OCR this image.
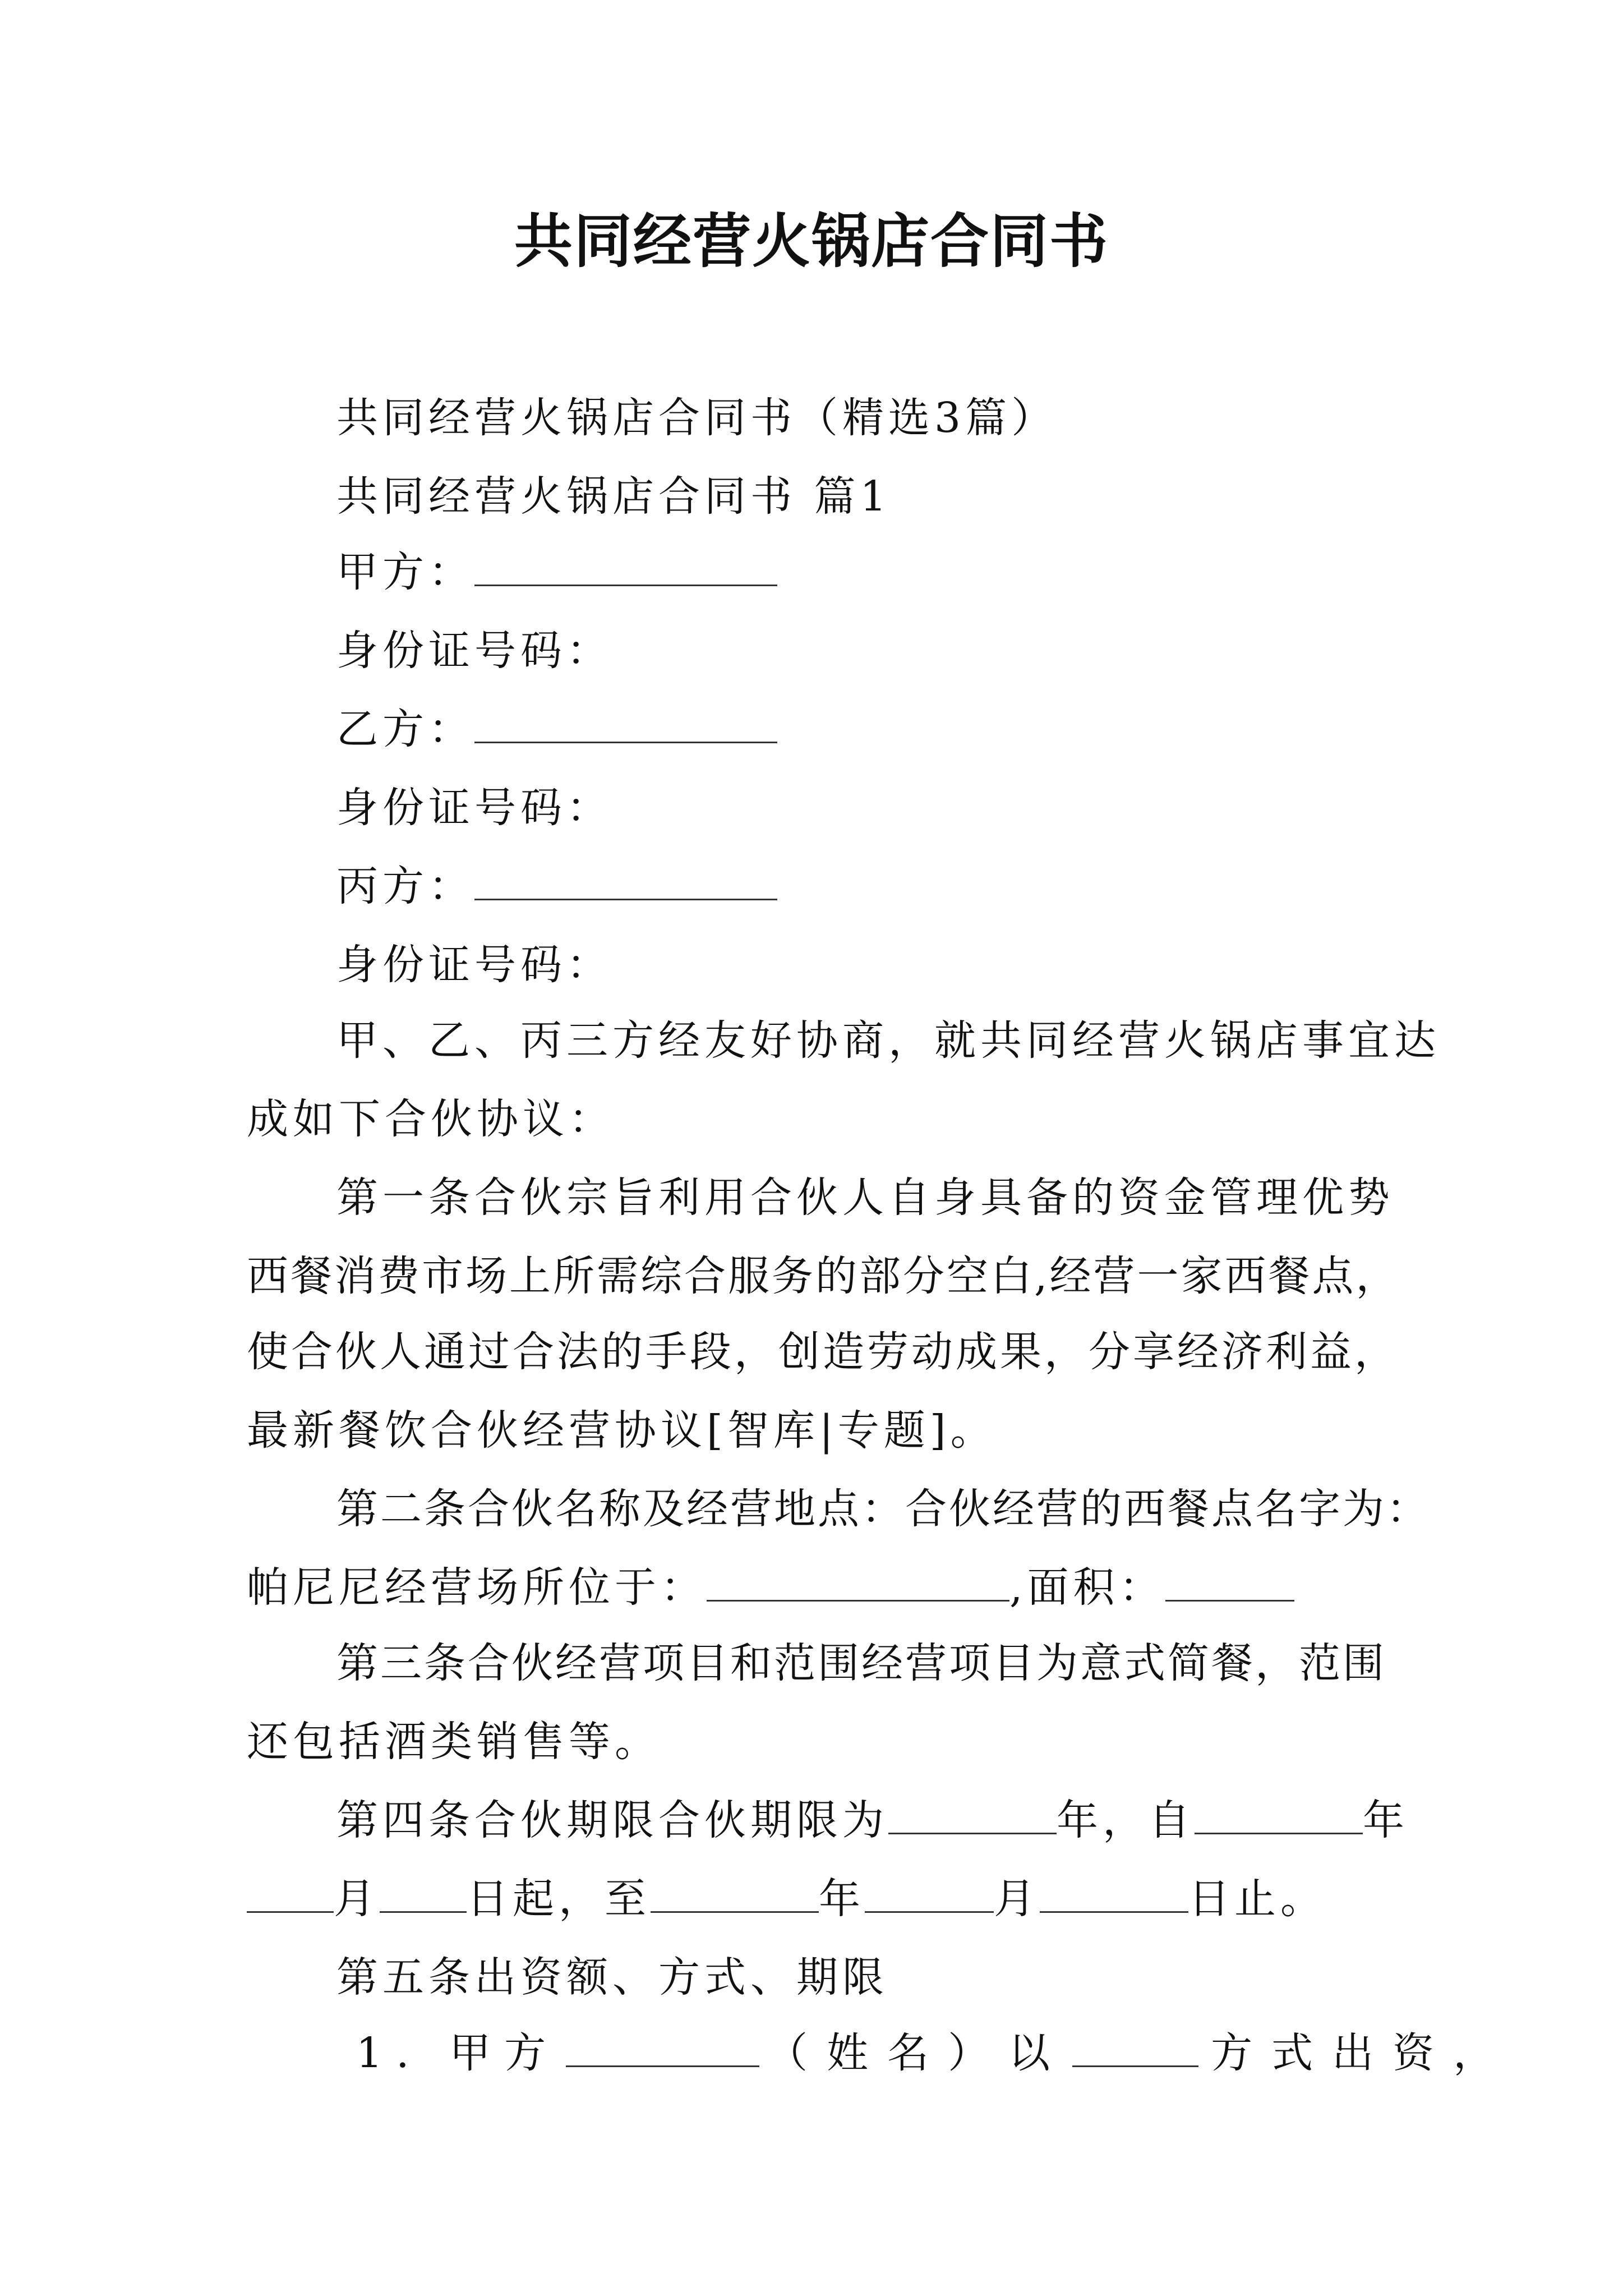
共同经营火锅店合同书
共同经营火锅店合同书（精选3篇）
共同经营火锅店合同书 篇1
甲方：
身份证号码：
乙方：
身份证号码：
丙方：
身份证号码：
甲、乙、丙三方经友好协商，就共同经营火锅店事宜达
成如下合伙协议：
第一条合伙宗旨利用合伙人自身具备的资金管理优势
西餐消费市场上所需综合服务的部分空白,经营一家西餐点，
使合伙人通过合法的手段，创造劳动成果，分享经济利益，
最新餐饮合伙经营协议[智库|专题]。
第二条合伙名称及经营地点：合伙经营的西餐点名字为：
帕尼尼经营场所位于：	,面积：
第三条合伙经营项目和范围经营项目为意式简餐，范围
还包括酒类销售等。
第四条合伙期限合伙期限为	年，自	年
月 日起，至	年	月	日止。
第五条出资额、方式、期限
1. 甲方	（姓名）以	方式出资，
